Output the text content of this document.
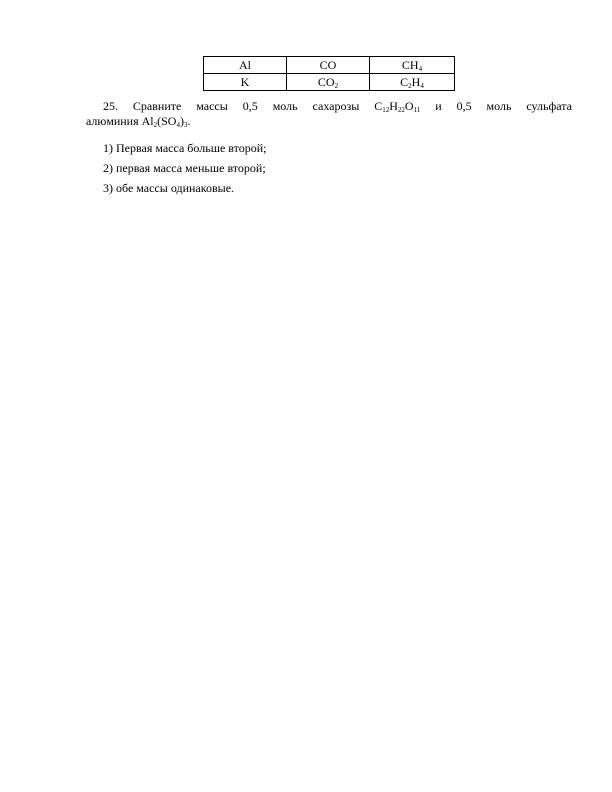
Al	CO	$CH_4$
K	$CO_2$	$C_2H_4$

25. Сравните массы 0,5 моль сахарозы $C_{12}H_{22}O_{11}$ и 0,5 моль сульфата
алюминия $Al_2(SO_4)_3$.

1) Первая масса больше второй;
2) первая масса меньше второй;
3) обе массы одинаковые.
